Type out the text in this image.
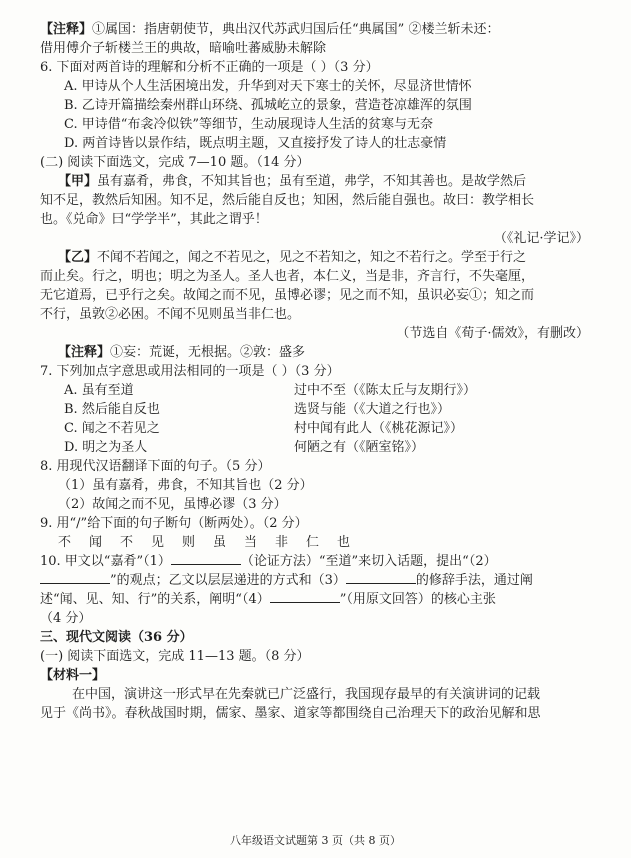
【注释】①属国：指唐朝使节，典出汉代苏武归国后任“典属国” ②楼兰斩未还：

借用傅介子斩楼兰王的典故，暗喻吐蕃威胁未解除

6. 下面对两首诗的理解和分析不正确的一项是（ ）（3 分）

A. 甲诗从个人生活困境出发，升华到对天下寒士的关怀，尽显济世情怀

B. 乙诗开篇描绘秦州群山环绕、孤城屹立的景象，营造苍凉雄浑的氛围

C. 甲诗借“布衾冷似铁”等细节，生动展现诗人生活的贫寒与无奈

D. 两首诗皆以景作结，既点明主题，又直接抒发了诗人的壮志豪情

(二) 阅读下面选文，完成 7—10 题。（14 分）

【甲】虽有嘉肴，弗食，不知其旨也；虽有至道，弗学，不知其善也。是故学然后

知不足，教然后知困。知不足，然后能自反也；知困，然后能自强也。故曰：教学相长

也。《兑命》曰“学学半”，其此之谓乎！

（《礼记·学记》）

【乙】不闻不若闻之，闻之不若见之，见之不若知之，知之不若行之。学至于行之

而止矣。行之，明也；明之为圣人。圣人也者，本仁义，当是非，齐言行，不失毫厘，

无它道焉，已乎行之矣。故闻之而不见，虽博必谬；见之而不知，虽识必妄①；知之而

不行，虽敦②必困。不闻不见则虽当非仁也。

（节选自《荀子·儒效》，有删改）

【注释】①妄：荒诞，无根据。②敦：盛多

7. 下列加点字意思或用法相同的一项是（ ）（3 分）

A. 虽有至道	过中不至（《陈太丘与友期行》）
B. 然后能自反也	选贤与能（《大道之行也》）
C. 闻之不若见之	村中闻有此人（《桃花源记》）
D. 明之为圣人	何陋之有（《陋室铭》）

8. 用现代汉语翻译下面的句子。（5 分）

（1）虽有嘉肴，弗食，不知其旨也（2 分）

（2）故闻之而不见，虽博必谬（3 分）

9. 用“/”给下面的句子断句（断两处）。（2 分）

不闻不见则虽当非仁也

10. 甲文以“嘉肴”（1）	（论证方法）“至道”来切入话题，提出“（2）

”的观点；乙文以层层递进的方式和（3）	的修辞手法，通过阐

述“闻、见、知、行”的关系，阐明“（4）	”（用原文回答）的核心主张

（4 分）

三、现代文阅读（36 分）

(一) 阅读下面选文，完成 11—13 题。（8 分）

【材料一】

在中国，演讲这一形式早在先秦就已广泛盛行，我国现存最早的有关演讲词的记载

见于《尚书》。春秋战国时期，儒家、墨家、道家等都围绕自己治理天下的政治见解和思

八年级语文试题第 3 页（共 8 页）
